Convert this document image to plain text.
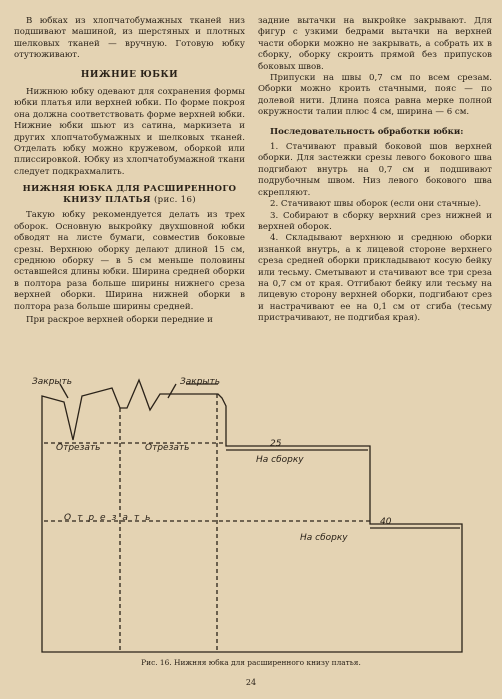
В юбках из хлопчатобумажных тканей низ подшивают машиной, из шерстяных и плотных шелковых тканей — вручную. Готовую юбку отутюживают.

НИЖНИЕ ЮБКИ

Нижнюю юбку одевают для сохранения формы юбки платья или верхней юбки. По форме покроя она должна соответствовать форме верхней юбки. Нижние юбки шьют из сатина, маркизета и других хлопчатобумажных и шелковых тканей. Отделать юбку можно кружевом, оборкой или плиссировкой. Юбку из хлопчатобумажной ткани следует подкрахмалить.

НИЖНЯЯ ЮБКА ДЛЯ РАСШИРЕННОГО КНИЗУ ПЛАТЬЯ (рис. 16)

Такую юбку рекомендуется делать из трех оборок. Основную выкройку двухшовной юбки обводят на листе бумаги, совместив боковые срезы. Верхнюю оборку делают длиной 15 см, среднюю оборку — в 5 см меньше половины оставшейся длины юбки. Ширина средней оборки в полтора раза больше ширины нижнего среза верхней оборки. Ширина нижней оборки в полтора раза больше ширины средней.

При раскрое верхней оборки передние и

задние вытачки на выкройке закрывают. Для фигур с узкими бедрами вытачки на верхней части оборки можно не закрывать, а собрать их в сборку, оборку скроить прямой без припусков боковых швов.

Припуски на швы 0,7 см по всем срезам. Оборки можно кроить стачными, пояс — по долевой нити. Длина пояса равна мерке полной окружности талии плюс 4 см, ширина — 6 см.

Последовательность обработки юбки:

1. Стачивают правый боковой шов верхней оборки. Для застежки срезы левого бокового шва подгибают внутрь на 0,7 см и подшивают подрубочным швом. Низ левого бокового шва скрепляют.

2. Стачивают швы оборок (если они стачные).

3. Собирают в сборку верхний срез нижней и верхней оборок.

4. Складывают верхнюю и среднюю оборки изнанкой внутрь, а к лицевой стороне верхнего среза средней оборки прикладывают косую бейку или тесьму. Сметывают и стачивают все три среза на 0,7 см от края. Отгибают бейку или тесьму на лицевую сторону верхней оборки, подгибают срез и настрачивают ее на 0,1 см от сгиба (тесьму пристрачивают, не подгибая края).

Закрыть	Закрыть
Отрезать	Отрезать	25
На сборку
Отрезать	40
На сборку
Рис. 16. Нижняя юбка для расширенного книзу платья.
24
